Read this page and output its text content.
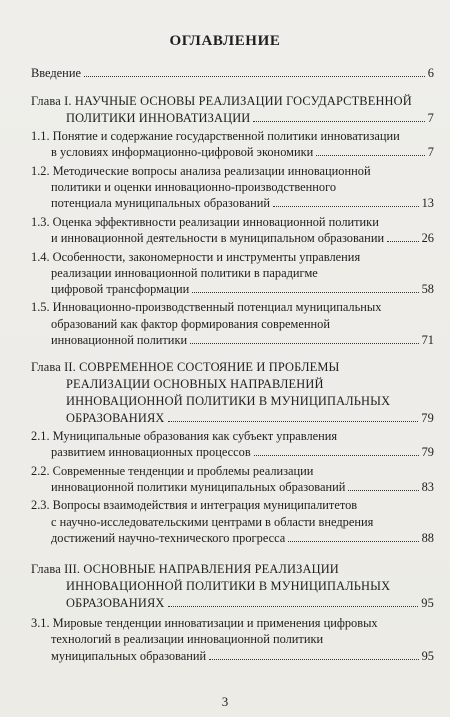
ОГЛАВЛЕНИЕ
Введение	6
Глава I. НАУЧНЫЕ ОСНОВЫ РЕАЛИЗАЦИИ ГОСУДАРСТВЕННОЙ
ПОЛИТИКИ ИННОВАТИЗАЦИИ	7
1.1. Понятие и содержание государственной политики инноватизации
в условиях информационно-цифровой экономики	7
1.2. Методические вопросы анализа реализации инновационной
политики и оценки инновационно-производственного
потенциала муниципальных образований	13
1.3. Оценка эффективности реализации инновационной политики
и инновационной деятельности в муниципальном образовании	26
1.4. Особенности, закономерности и инструменты управления
реализации инновационной политики в парадигме
цифровой трансформации	58
1.5. Инновационно-производственный потенциал муниципальных
образований как фактор формирования современной
инновационной политики	71
Глава II. СОВРЕМЕННОЕ СОСТОЯНИЕ И ПРОБЛЕМЫ
РЕАЛИЗАЦИИ ОСНОВНЫХ НАПРАВЛЕНИЙ
ИННОВАЦИОННОЙ ПОЛИТИКИ В МУНИЦИПАЛЬНЫХ
ОБРАЗОВАНИЯХ	79
2.1. Муниципальные образования как субъект управления
развитием инновационных процессов	79
2.2. Современные тенденции и проблемы реализации
инновационной политики муниципальных образований	83
2.3. Вопросы взаимодействия и интеграция муниципалитетов
с научно-исследовательскими центрами в области внедрения
достижений научно-технического прогресса	88
Глава III. ОСНОВНЫЕ НАПРАВЛЕНИЯ РЕАЛИЗАЦИИ
ИННОВАЦИОННОЙ ПОЛИТИКИ В МУНИЦИПАЛЬНЫХ
ОБРАЗОВАНИЯХ	95
3.1. Мировые тенденции инноватизации и применения цифровых
технологий в реализации инновационной политики
муниципальных образований	95
3
